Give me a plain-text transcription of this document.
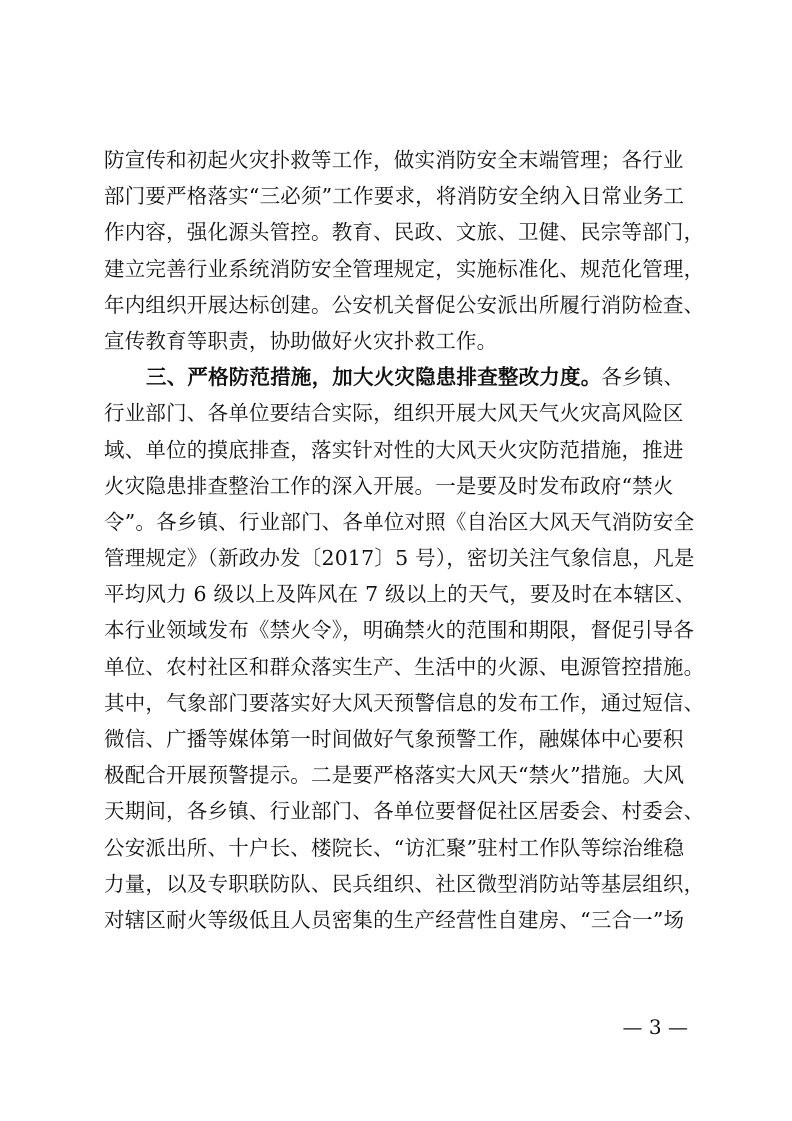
防宣传和初起火灾扑救等工作，做实消防安全末端管理；各行业
部门要严格落实“三必须”工作要求，将消防安全纳入日常业务工
作内容，强化源头管控。教育、民政、文旅、卫健、民宗等部门，
建立完善行业系统消防安全管理规定，实施标准化、规范化管理，
年内组织开展达标创建。公安机关督促公安派出所履行消防检查、
宣传教育等职责，协助做好火灾扑救工作。
三、严格防范措施，加大火灾隐患排查整改力度。各乡镇、
行业部门、各单位要结合实际，组织开展大风天气火灾高风险区
域、单位的摸底排查，落实针对性的大风天火灾防范措施，推进
火灾隐患排查整治工作的深入开展。一是要及时发布政府“禁火
令”。各乡镇、行业部门、各单位对照《自治区大风天气消防安全
管理规定》（新政办发〔2017〕5 号），密切关注气象信息，凡是
平均风力 6 级以上及阵风在 7 级以上的天气，要及时在本辖区、
本行业领域发布《禁火令》，明确禁火的范围和期限，督促引导各
单位、农村社区和群众落实生产、生活中的火源、电源管控措施。
其中，气象部门要落实好大风天预警信息的发布工作，通过短信、
微信、广播等媒体第一时间做好气象预警工作，融媒体中心要积
极配合开展预警提示。二是要严格落实大风天“禁火”措施。大风
天期间，各乡镇、行业部门、各单位要督促社区居委会、村委会、
公安派出所、十户长、楼院长、“访汇聚”驻村工作队等综治维稳
力量，以及专职联防队、民兵组织、社区微型消防站等基层组织，
对辖区耐火等级低且人员密集的生产经营性自建房、“三合一”场
— 3 —
